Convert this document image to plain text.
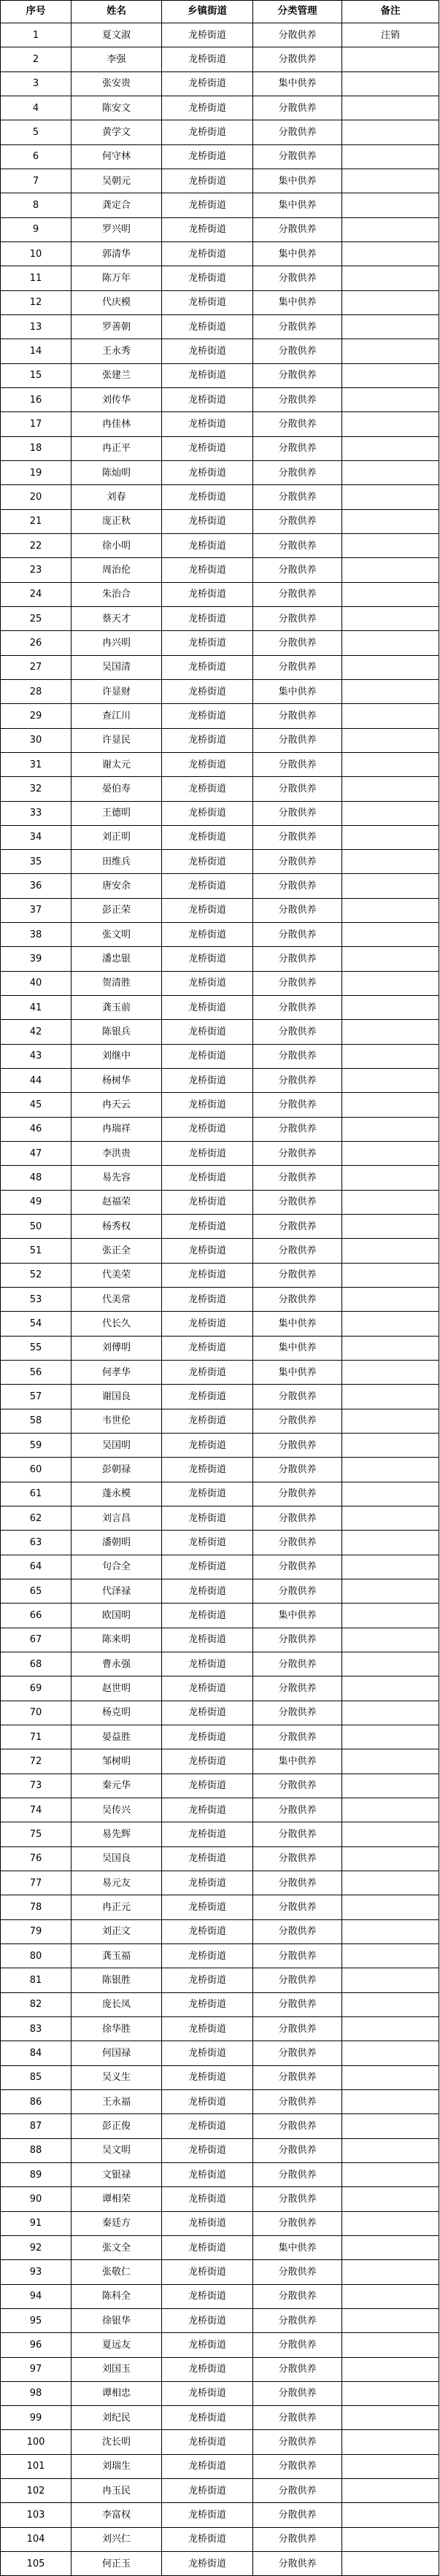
序号	姓名	乡镇街道	分类管理	备注
1	夏文淑	龙桥街道	分散供养	注销
2	李强	龙桥街道	分散供养	
3	张安贵	龙桥街道	集中供养	
4	陈安文	龙桥街道	分散供养	
5	黄学文	龙桥街道	分散供养	
6	何守林	龙桥街道	分散供养	
7	吴朝元	龙桥街道	集中供养	
8	龚定合	龙桥街道	集中供养	
9	罗兴明	龙桥街道	分散供养	
10	郭清华	龙桥街道	集中供养	
11	陈万年	龙桥街道	分散供养	
12	代庆模	龙桥街道	集中供养	
13	罗善朝	龙桥街道	分散供养	
14	王永秀	龙桥街道	分散供养	
15	张建兰	龙桥街道	分散供养	
16	刘传华	龙桥街道	分散供养	
17	冉佳林	龙桥街道	分散供养	
18	冉正平	龙桥街道	分散供养	
19	陈灿明	龙桥街道	分散供养	
20	刘春	龙桥街道	分散供养	
21	庞正秋	龙桥街道	分散供养	
22	徐小明	龙桥街道	分散供养	
23	周治伦	龙桥街道	分散供养	
24	朱治合	龙桥街道	分散供养	
25	蔡天才	龙桥街道	分散供养	
26	冉兴明	龙桥街道	分散供养	
27	吴国清	龙桥街道	分散供养	
28	许显财	龙桥街道	集中供养	
29	查江川	龙桥街道	分散供养	
30	许显民	龙桥街道	分散供养	
31	谢太元	龙桥街道	分散供养	
32	晏伯寿	龙桥街道	分散供养	
33	王德明	龙桥街道	分散供养	
34	刘正明	龙桥街道	分散供养	
35	田维兵	龙桥街道	分散供养	
36	唐安余	龙桥街道	分散供养	
37	彭正荣	龙桥街道	分散供养	
38	张文明	龙桥街道	分散供养	
39	潘忠银	龙桥街道	分散供养	
40	贺清胜	龙桥街道	分散供养	
41	龚玉前	龙桥街道	分散供养	
42	陈银兵	龙桥街道	分散供养	
43	刘继中	龙桥街道	分散供养	
44	杨树华	龙桥街道	分散供养	
45	冉天云	龙桥街道	分散供养	
46	冉瑞祥	龙桥街道	分散供养	
47	李洪贵	龙桥街道	分散供养	
48	易先容	龙桥街道	分散供养	
49	赵福荣	龙桥街道	分散供养	
50	杨秀权	龙桥街道	分散供养	
51	张正全	龙桥街道	分散供养	
52	代美荣	龙桥街道	分散供养	
53	代美常	龙桥街道	分散供养	
54	代长久	龙桥街道	集中供养	
55	刘傅明	龙桥街道	集中供养	
56	何孝华	龙桥街道	集中供养	
57	谢国良	龙桥街道	分散供养	
58	韦世伦	龙桥街道	分散供养	
59	吴国明	龙桥街道	分散供养	
60	彭朝禄	龙桥街道	分散供养	
61	蓬永模	龙桥街道	分散供养	
62	刘言昌	龙桥街道	分散供养	
63	潘朝明	龙桥街道	分散供养	
64	句合全	龙桥街道	分散供养	
65	代泽禄	龙桥街道	分散供养	
66	欧国明	龙桥街道	集中供养	
67	陈来明	龙桥街道	分散供养	
68	曹永强	龙桥街道	分散供养	
69	赵世明	龙桥街道	分散供养	
70	杨克明	龙桥街道	分散供养	
71	晏益胜	龙桥街道	分散供养	
72	邹树明	龙桥街道	集中供养	
73	秦元华	龙桥街道	分散供养	
74	吴传兴	龙桥街道	分散供养	
75	易先辉	龙桥街道	分散供养	
76	吴国良	龙桥街道	分散供养	
77	易元友	龙桥街道	分散供养	
78	冉正元	龙桥街道	分散供养	
79	刘正文	龙桥街道	分散供养	
80	龚玉福	龙桥街道	分散供养	
81	陈银胜	龙桥街道	分散供养	
82	庞长凤	龙桥街道	分散供养	
83	徐华胜	龙桥街道	分散供养	
84	何国禄	龙桥街道	分散供养	
85	吴义生	龙桥街道	分散供养	
86	王永福	龙桥街道	分散供养	
87	彭正俊	龙桥街道	分散供养	
88	吴文明	龙桥街道	分散供养	
89	文银禄	龙桥街道	分散供养	
90	谭相荣	龙桥街道	分散供养	
91	秦廷方	龙桥街道	分散供养	
92	张文全	龙桥街道	集中供养	
93	张敬仁	龙桥街道	分散供养	
94	陈科全	龙桥街道	分散供养	
95	徐银华	龙桥街道	分散供养	
96	夏远友	龙桥街道	分散供养	
97	刘国玉	龙桥街道	分散供养	
98	谭相忠	龙桥街道	分散供养	
99	刘纪民	龙桥街道	分散供养	
100	沈长明	龙桥街道	分散供养	
101	刘瑞生	龙桥街道	分散供养	
102	冉玉民	龙桥街道	分散供养	
103	李富权	龙桥街道	分散供养	
104	刘兴仁	龙桥街道	分散供养	
105	何正玉	龙桥街道	分散供养	
